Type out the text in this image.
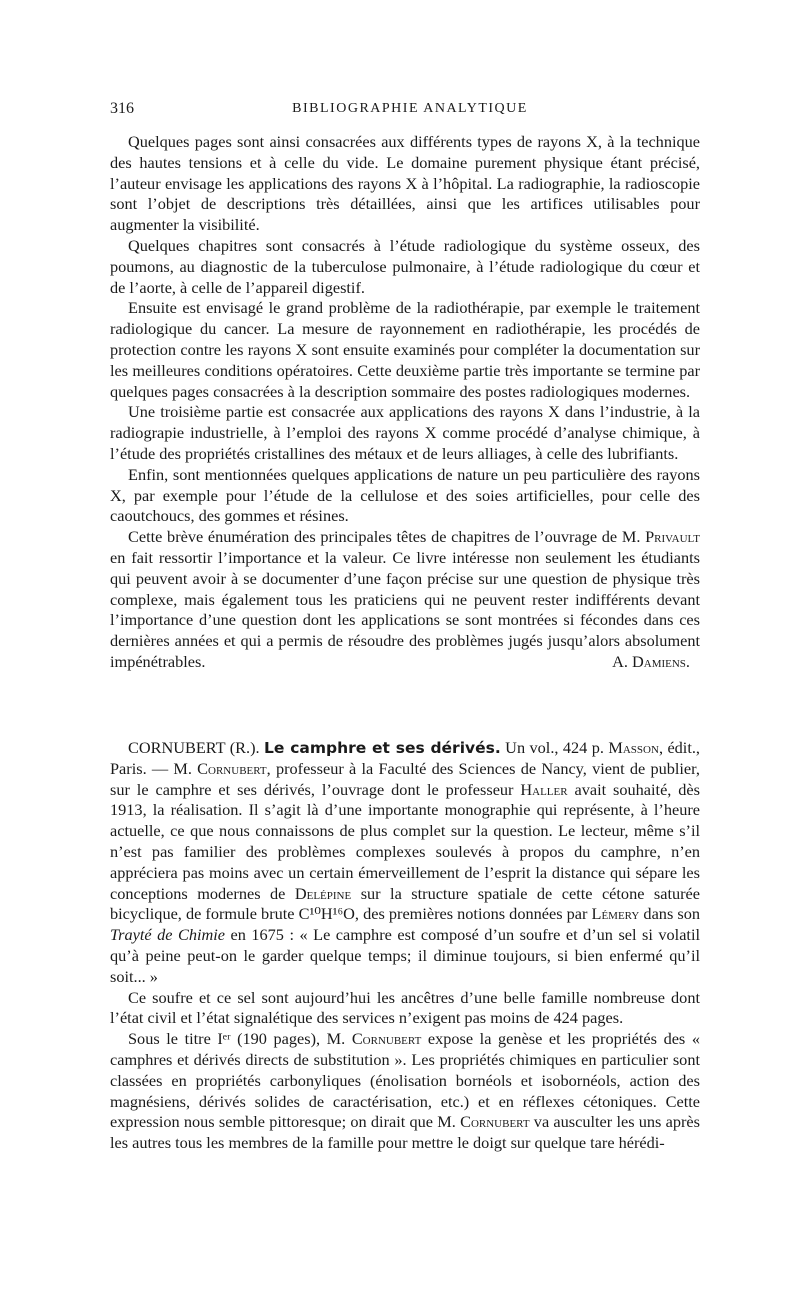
316	BIBLIOGRAPHIE ANALYTIQUE

Quelques pages sont ainsi consacrées aux différents types de rayons X, à la technique des hautes tensions et à celle du vide. Le domaine purement physique étant précisé, l’auteur envisage les applications des rayons X à l’hôpital. La radiographie, la radioscopie sont l’objet de descriptions très détaillées, ainsi que les artifices utilisables pour augmenter la visibilité.

Quelques chapitres sont consacrés à l’étude radiologique du système osseux, des poumons, au diagnostic de la tuberculose pulmonaire, à l’étude radiologique du cœur et de l’aorte, à celle de l’appareil digestif.

Ensuite est envisagé le grand problème de la radiothérapie, par exemple le traitement radiologique du cancer. La mesure de rayonnement en radiothérapie, les procédés de protection contre les rayons X sont ensuite examinés pour compléter la documentation sur les meilleures conditions opératoires. Cette deuxième partie très importante se termine par quelques pages consacrées à la description sommaire des postes radiologiques modernes.

Une troisième partie est consacrée aux applications des rayons X dans l’industrie, à la radiograpie industrielle, à l’emploi des rayons X comme procédé d’analyse chimique, à l’étude des propriétés cristallines des métaux et de leurs alliages, à celle des lubrifiants.

Enfin, sont mentionnées quelques applications de nature un peu particulière des rayons X, par exemple pour l’étude de la cellulose et des soies artificielles, pour celle des caoutchoucs, des gommes et résines.

Cette brève énumération des principales têtes de chapitres de l’ouvrage de M. Privault en fait ressortir l’importance et la valeur. Ce livre intéresse non seulement les étudiants qui peuvent avoir à se documenter d’une façon précise sur une question de physique très complexe, mais également tous les praticiens qui ne peuvent rester indifférents devant l’importance d’une question dont les applications se sont montrées si fécondes dans ces dernières années et qui a permis de résoudre des problèmes jugés jusqu’alors absolument impénétrables.	A. Damiens.

CORNUBERT (R.). Le camphre et ses dérivés. Un vol., 424 p. Masson, édit., Paris. — M. Cornubert, professeur à la Faculté des Sciences de Nancy, vient de publier, sur le camphre et ses dérivés, l’ouvrage dont le professeur Haller avait souhaité, dès 1913, la réalisation. Il s’agit là d’une importante monographie qui représente, à l’heure actuelle, ce que nous connaissons de plus complet sur la question. Le lecteur, même s’il n’est pas familier des problèmes complexes soulevés à propos du camphre, n’en appréciera pas moins avec un certain émerveillement de l’esprit la distance qui sépare les conceptions modernes de Delépine sur la structure spatiale de cette cétone saturée bicyclique, de formule brute C¹⁰H¹⁶O, des premières notions données par Lémery dans son Trayté de Chimie en 1675 : « Le camphre est composé d’un soufre et d’un sel si volatil qu’à peine peut-on le garder quelque temps; il diminue toujours, si bien enfermé qu’il soit... »

Ce soufre et ce sel sont aujourd’hui les ancêtres d’une belle famille nombreuse dont l’état civil et l’état signalétique des services n’exigent pas moins de 424 pages.

Sous le titre Iᵉʳ (190 pages), M. Cornubert expose la genèse et les propriétés des « camphres et dérivés directs de substitution ». Les propriétés chimiques en particulier sont classées en propriétés carbonyliques (énolisation bornéols et isobornéols, action des magnésiens, dérivés solides de caractérisation, etc.) et en réflexes cétoniques. Cette expression nous semble pittoresque; on dirait que M. Cornubert va ausculter les uns après les autres tous les membres de la famille pour mettre le doigt sur quelque tare hérédi-
